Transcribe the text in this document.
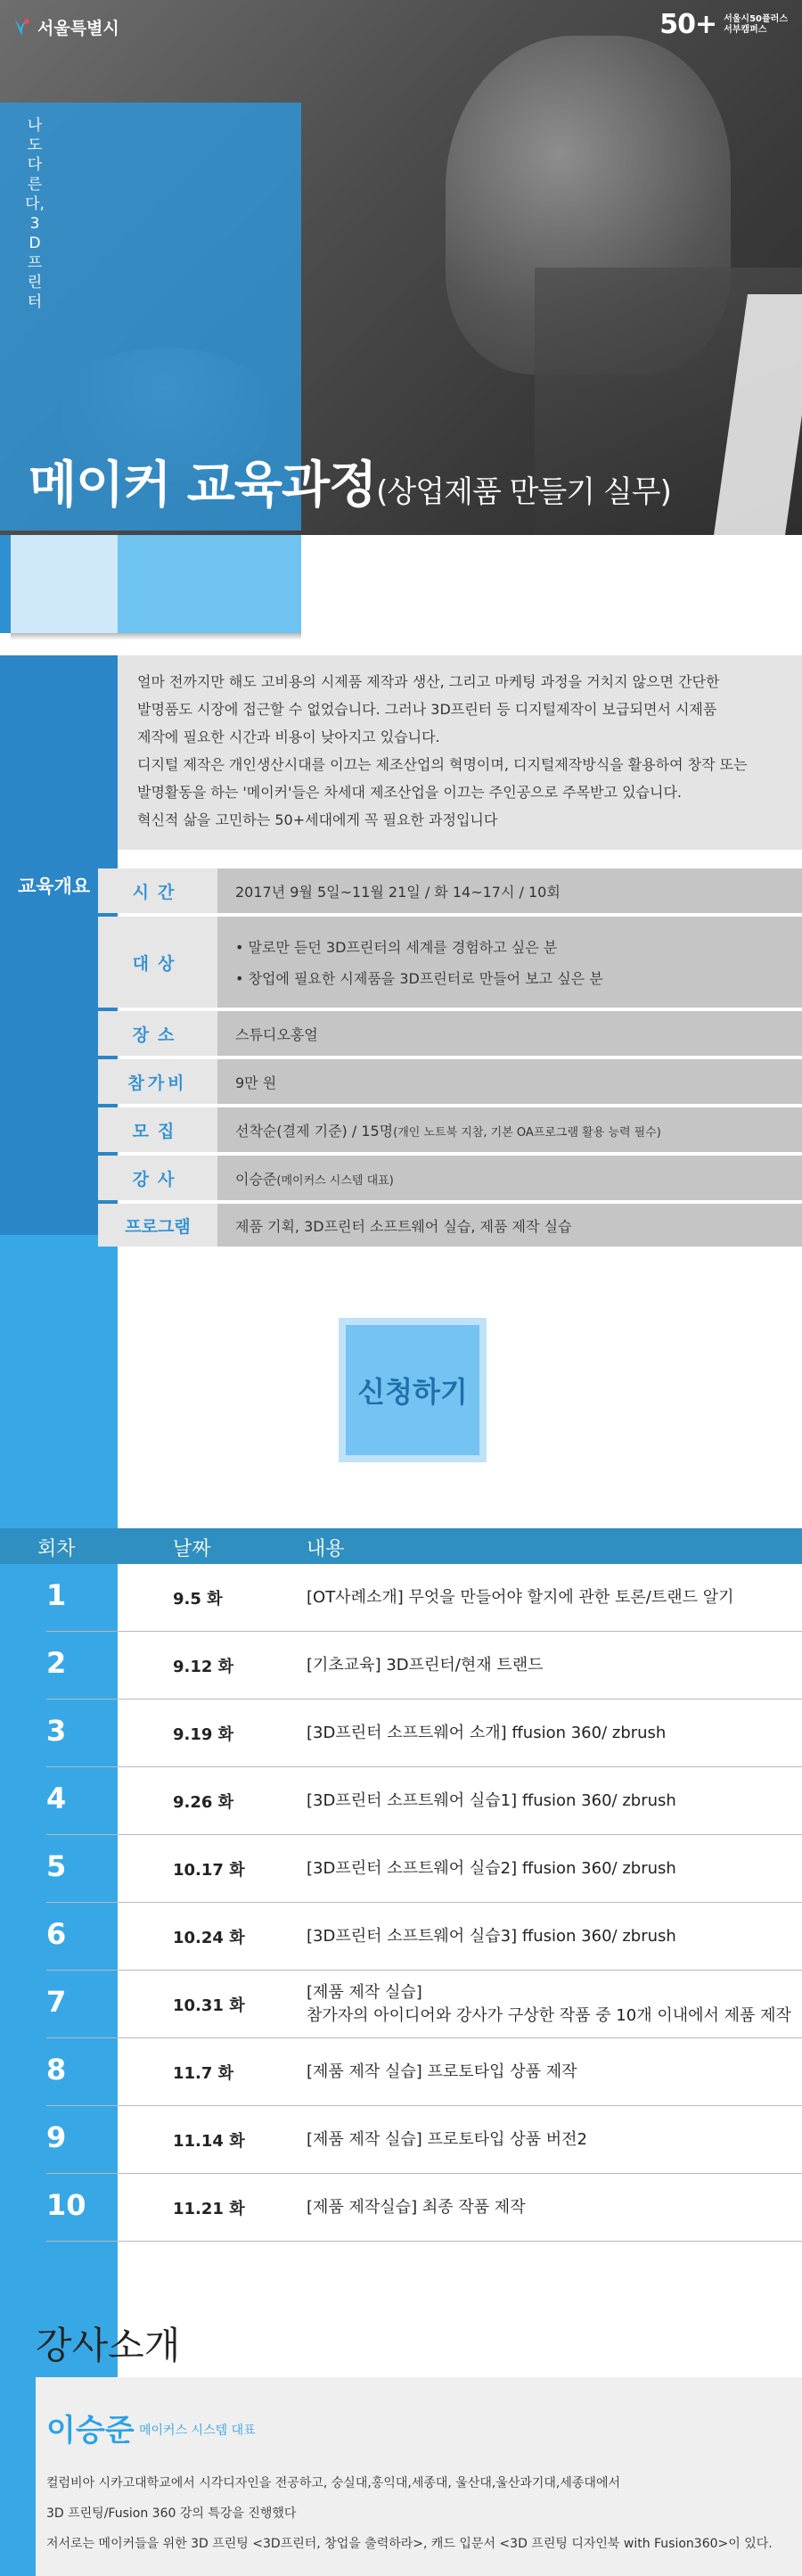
서울특별시	50+ 서울시50플러스
서부캠퍼스
나도 다른다, 3D프린터
메이커 교육과정(상업제품 만들기 실무)

얼마 전까지만 해도 고비용의 시제품 제작과 생산, 그리고 마케팅 과정을 거치지 않으면 간단한
발명품도 시장에 접근할 수 없었습니다. 그러나 3D프린터 등 디지털제작이 보급되면서 시제품
제작에 필요한 시간과 비용이 낮아지고 있습니다.
디지털 제작은 개인생산시대를 이끄는 제조산업의 혁명이며, 디지털제작방식을 활용하여 창작 또는
발명활동을 하는 '메이커'들은 차세대 제조산업을 이끄는 주인공으로 주목받고 있습니다.
혁신적 삶을 고민하는 50+세대에게 꼭 필요한 과정입니다

교육개요	시간	2017년 9월 5일~11월 21일 / 화 14~17시 / 10회
대상
• 말로만 듣던 3D프린터의 세계를 경험하고 싶은 분
• 창업에 필요한 시제품을 3D프린터로 만들어 보고 싶은 분
장소	스튜디오홍얼
참가비	9만 원
모집	선착순(결제 기준) / 15명(개인 노트북 지참, 기본 OA프로그램 활용 능력 필수)
강사	이승준(메이커스 시스템 대표)
프로그램	제품 기획, 3D프린터 소프트웨어 실습, 제품 제작 실습
신청하기
회차	날짜	내용
1	9.5 화	[OT사례소개] 무엇을 만들어야 할지에 관한 토론/트랜드 알기
2	9.12 화	[기초교육] 3D프린터/현재 트랜드
3	9.19 화	[3D프린터 소프트웨어 소개] ffusion 360/ zbrush
4	9.26 화	[3D프린터 소프트웨어 실습1] ffusion 360/ zbrush
5	10.17 화	[3D프린터 소프트웨어 실습2] ffusion 360/ zbrush
6	10.24 화	[3D프린터 소프트웨어 실습3] ffusion 360/ zbrush
7	10.31 화
[제품 제작 실습]
참가자의 아이디어와 강사가 구상한 작품 중 10개 이내에서 제품 제작
8	11.7 화	[제품 제작 실습] 프로토타입 상품 제작
9	11.14 화	[제품 제작 실습] 프로토타입 상품 버전2
10	11.21 화	[제품 제작실습] 최종 작품 제작
강사소개
이승준 메이커스 시스템 대표
컬럼비아 시카고대학교에서 시각디자인을 전공하고, 숭실대,홍익대,세종대, 울산대,울산과기대,세종대에서
3D 프린팅/Fusion 360 강의 특강을 진행했다
저서로는 메이커들을 위한 3D 프린팅 <3D프린터, 창업을 출력하라>, 캐드 입문서 <3D 프린팅 디자인북 with Fusion360>이 있다.
